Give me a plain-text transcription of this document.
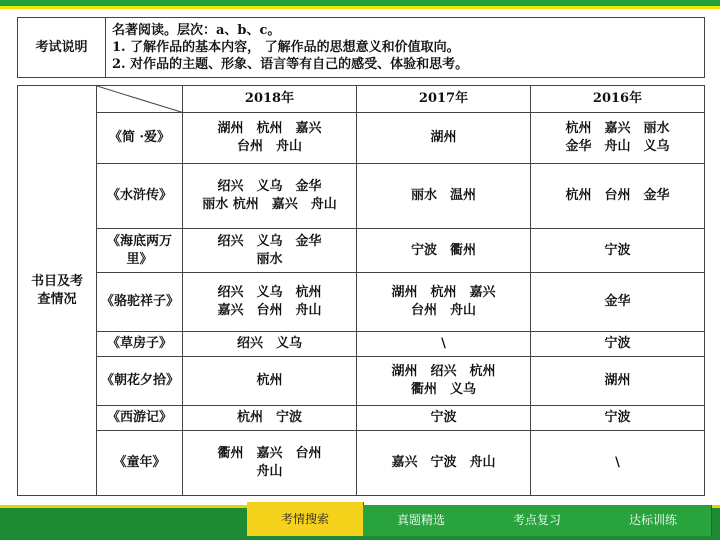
考试说明	
名著阅读。层次：a、b、c。
1. 了解作品的基本内容， 了解作品的思想意义和价值取向。
2. 对作品的主题、形象、语言等有自己的感受、体验和思考。
书目及考查情况		2018年	2017年	2016年
	《简 ·爱》	湖州　杭州　嘉兴
台州　舟山	湖州	杭州　嘉兴　丽水
金华　舟山　义乌
	《水浒传》	绍兴　义乌　金华
丽水 杭州　嘉兴　舟山	丽水　温州	杭州　台州　金华
	《海底两万里》	绍兴　义乌　金华
丽水	宁波　衢州	宁波
	《骆驼祥子》	绍兴　义乌　杭州
嘉兴　台州　舟山	湖州　杭州　嘉兴
台州　舟山	金华
	《草房子》	绍兴　义乌	\	宁波
	《朝花夕拾》	杭州	湖州　绍兴　杭州
衢州　义乌	湖州
	《西游记》	杭州　宁波	宁波	宁波
	《童年》	衢州　嘉兴　台州
舟山	嘉兴　宁波　舟山	\
考情搜索	真题精选	考点复习	达标训练
